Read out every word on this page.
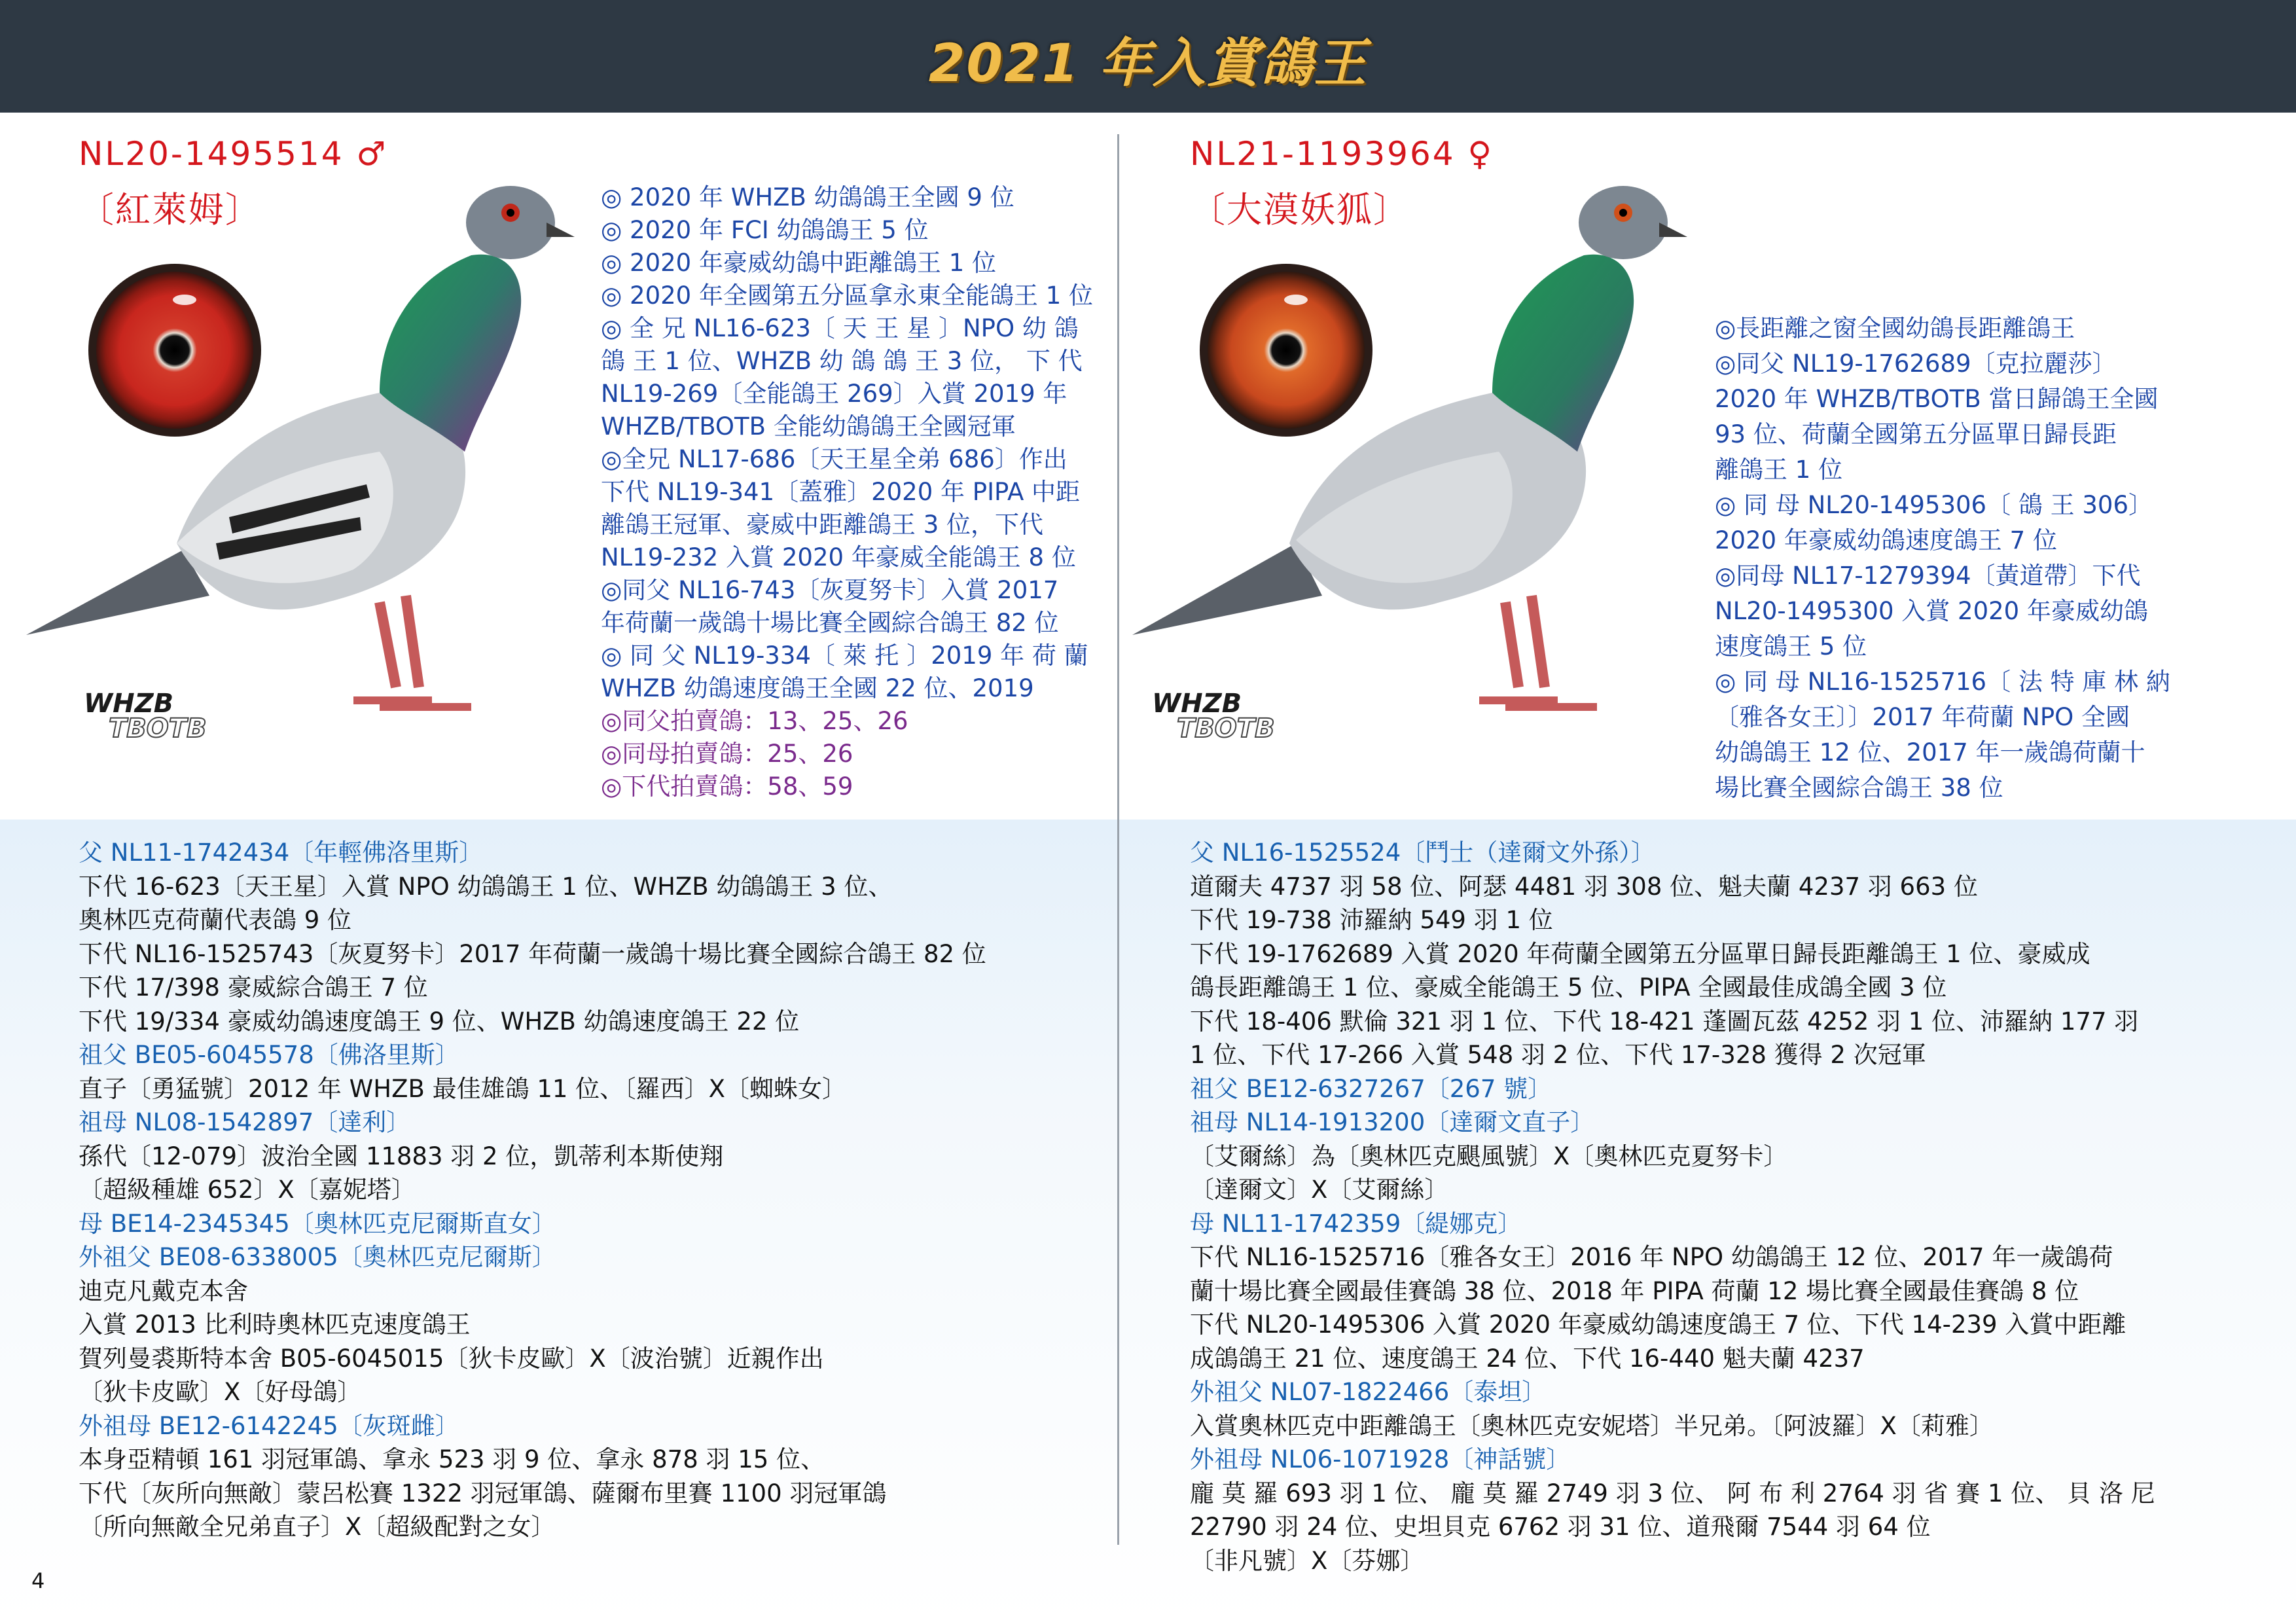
2021 年入賞鴿王
NL20-1495514 ♂
〔紅萊姆〕
WHZB
TBOTB
◎ 2020 年 WHZB 幼鴿鴿王全國 9 位
◎ 2020 年 FCI 幼鴿鴿王 5 位
◎ 2020 年豪威幼鴿中距離鴿王 1 位
◎ 2020 年全國第五分區拿永東全能鴿王 1 位
◎ 全 兄 NL16-623〔 天 王 星 〕NPO 幼 鴿
鴿 王 1 位、WHZB 幼 鴿 鴿 王 3 位， 下 代
NL19-269〔全能鴿王 269〕入賞 2019 年
WHZB/TBOTB 全能幼鴿鴿王全國冠軍
◎全兄 NL17-686〔天王星全弟 686〕作出
下代 NL19-341〔蓋雅〕2020 年 PIPA 中距
離鴿王冠軍、豪威中距離鴿王 3 位，下代
NL19-232 入賞 2020 年豪威全能鴿王 8 位
◎同父 NL16-743〔灰夏努卡〕入賞 2017
年荷蘭一歲鴿十場比賽全國綜合鴿王 82 位
◎ 同 父 NL19-334〔 萊 托 〕2019 年 荷 蘭
WHZB 幼鴿速度鴿王全國 22 位、2019
◎同父拍賣鴿：13、25、26
◎同母拍賣鴿：25、26
◎下代拍賣鴿：58、59
NL21-1193964 ♀
〔大漠妖狐〕
WHZB
TBOTB
◎長距離之窗全國幼鴿長距離鴿王
◎同父 NL19-1762689〔克拉麗莎〕
2020 年 WHZB/TBOTB 當日歸鴿王全國
93 位、荷蘭全國第五分區單日歸長距
離鴿王 1 位
◎ 同 母 NL20-1495306〔 鴿 王 306〕
2020 年豪威幼鴿速度鴿王 7 位
◎同母 NL17-1279394〔黃道帶〕下代
NL20-1495300 入賞 2020 年豪威幼鴿
速度鴿王 5 位
◎ 同 母 NL16-1525716〔 法 特 庫 林 納
〔雅各女王〕〕2017 年荷蘭 NPO 全國
幼鴿鴿王 12 位、2017 年一歲鴿荷蘭十
場比賽全國綜合鴿王 38 位
父 NL11-1742434〔年輕佛洛里斯〕
下代 16-623〔天王星〕入賞 NPO 幼鴿鴿王 1 位、WHZB 幼鴿鴿王 3 位、
奧林匹克荷蘭代表鴿 9 位
下代 NL16-1525743〔灰夏努卡〕2017 年荷蘭一歲鴿十場比賽全國綜合鴿王 82 位
下代 17/398 豪威綜合鴿王 7 位
下代 19/334 豪威幼鴿速度鴿王 9 位、WHZB 幼鴿速度鴿王 22 位
祖父 BE05-6045578〔佛洛里斯〕
直子〔勇猛號〕2012 年 WHZB 最佳雄鴿 11 位、〔羅西〕X〔蜘蛛女〕
祖母 NL08-1542897〔達利〕
孫代〔12-079〕波治全國 11883 羽 2 位，凱蒂利本斯使翔
〔超級種雄 652〕X〔嘉妮塔〕
母 BE14-2345345〔奧林匹克尼爾斯直女〕
外祖父 BE08-6338005〔奧林匹克尼爾斯〕
迪克凡戴克本舍
入賞 2013 比利時奧林匹克速度鴿王
賀列曼裘斯特本舍 B05-6045015〔狄卡皮歐〕X〔波治號〕近親作出
〔狄卡皮歐〕X〔好母鴿〕
外祖母 BE12-6142245〔灰斑雌〕
本身亞精頓 161 羽冠軍鴿、拿永 523 羽 9 位、拿永 878 羽 15 位、
下代〔灰所向無敵〕蒙呂松賽 1322 羽冠軍鴿、薩爾布里賽 1100 羽冠軍鴿
〔所向無敵全兄弟直子〕X〔超級配對之女〕
父 NL16-1525524〔鬥士（達爾文外孫）〕
道爾夫 4737 羽 58 位、阿瑟 4481 羽 308 位、魁夫蘭 4237 羽 663 位
下代 19-738 沛羅納 549 羽 1 位
下代 19-1762689 入賞 2020 年荷蘭全國第五分區單日歸長距離鴿王 1 位、豪威成
鴿長距離鴿王 1 位、豪威全能鴿王 5 位、PIPA 全國最佳成鴿全國 3 位
下代 18-406 默倫 321 羽 1 位、下代 18-421 蓬圖瓦茲 4252 羽 1 位、沛羅納 177 羽
1 位、下代 17-266 入賞 548 羽 2 位、下代 17-328 獲得 2 次冠軍
祖父 BE12-6327267〔267 號〕
祖母 NL14-1913200〔達爾文直子〕
〔艾爾絲〕為〔奧林匹克颶風號〕X〔奧林匹克夏努卡〕
〔達爾文〕X〔艾爾絲〕
母 NL11-1742359〔緹娜克〕
下代 NL16-1525716〔雅各女王〕2016 年 NPO 幼鴿鴿王 12 位、2017 年一歲鴿荷
蘭十場比賽全國最佳賽鴿 38 位、2018 年 PIPA 荷蘭 12 場比賽全國最佳賽鴿 8 位
下代 NL20-1495306 入賞 2020 年豪威幼鴿速度鴿王 7 位、下代 14-239 入賞中距離
成鴿鴿王 21 位、速度鴿王 24 位、下代 16-440 魁夫蘭 4237
外祖父 NL07-1822466〔泰坦〕
入賞奧林匹克中距離鴿王〔奧林匹克安妮塔〕半兄弟。〔阿波羅〕X〔莉雅〕
外祖母 NL06-1071928〔神話號〕
龐 莫 羅 693 羽 1 位、 龐 莫 羅 2749 羽 3 位、 阿 布 利 2764 羽 省 賽 1 位、 貝 洛 尼
22790 羽 24 位、史坦貝克 6762 羽 31 位、道飛爾 7544 羽 64 位
〔非凡號〕X〔芬娜〕
4
